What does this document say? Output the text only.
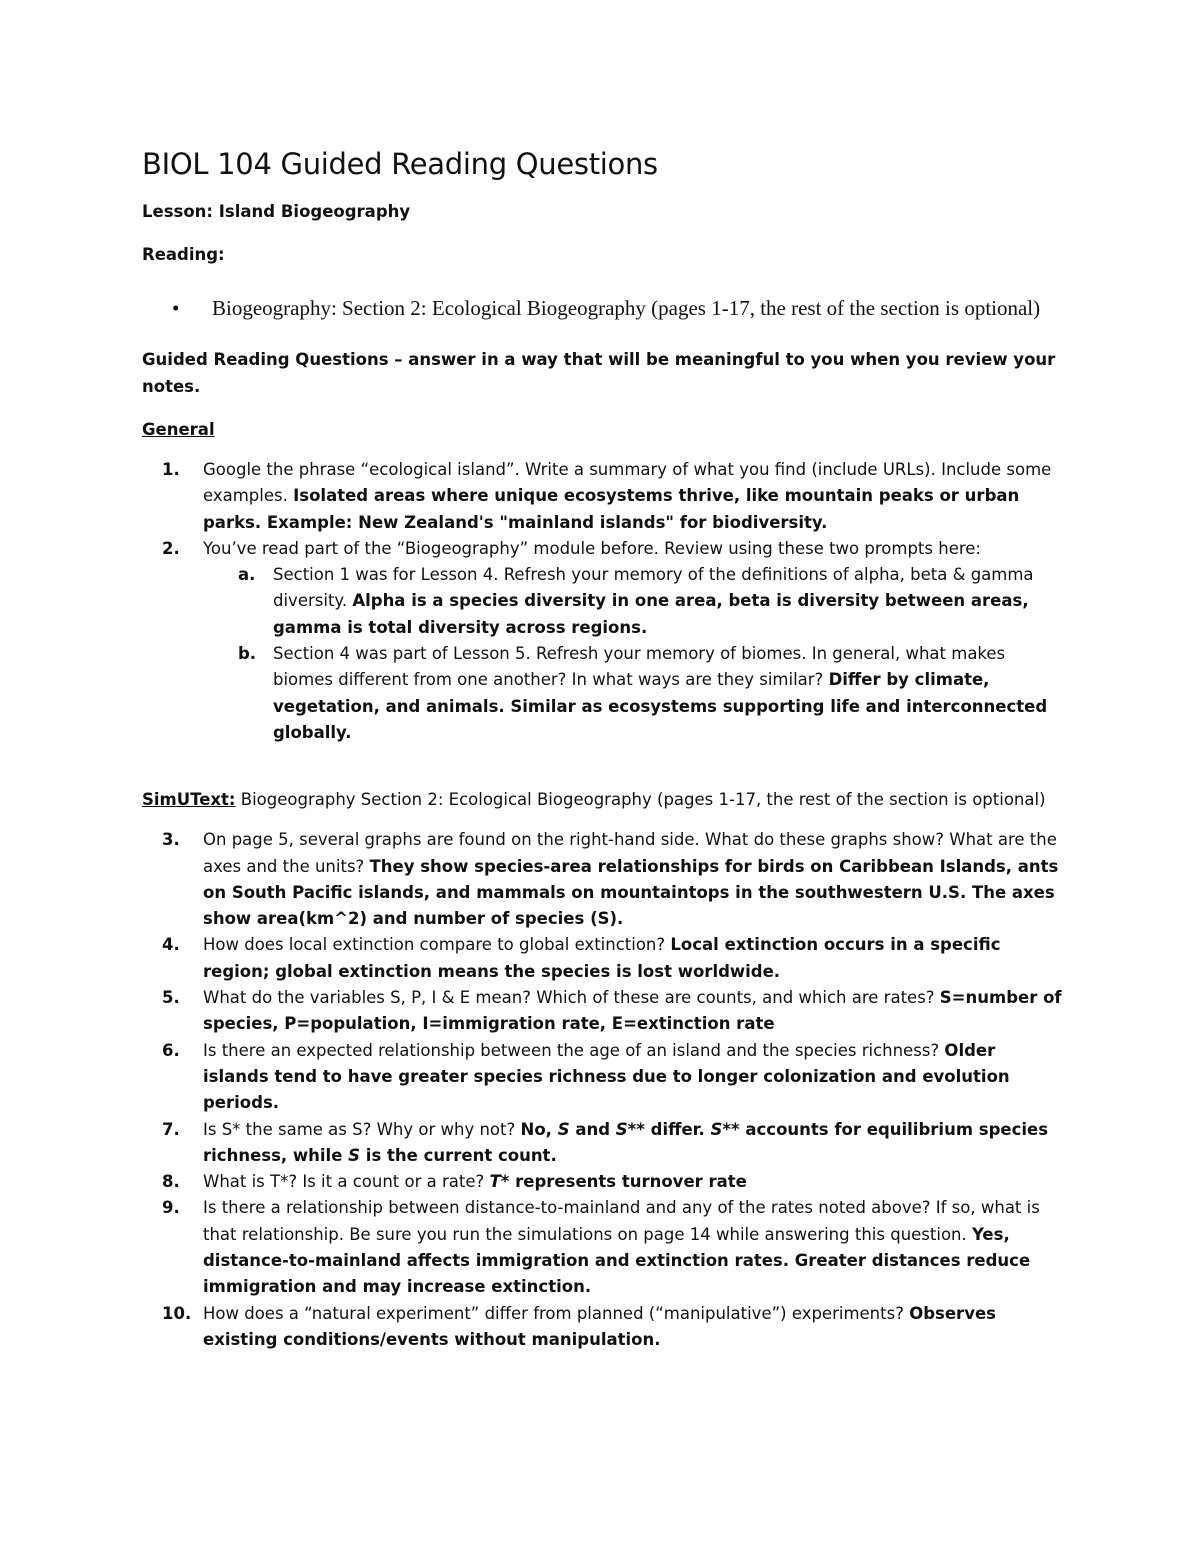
BIOL 104 Guided Reading Questions

Lesson: Island Biogeography

Reading:

• Biogeography: Section 2: Ecological Biogeography (pages 1-17, the rest of the section is optional)

Guided Reading Questions – answer in a way that will be meaningful to you when you review your notes.

General

1.	Google the phrase “ecological island”. Write a summary of what you find (include URLs). Include some examples. Isolated areas where unique ecosystems thrive, like mountain peaks or urban parks. Example: New Zealand's "mainland islands" for biodiversity.
2.	You’ve read part of the “Biogeography” module before. Review using these two prompts here:
a. Section 1 was for Lesson 4. Refresh your memory of the definitions of alpha, beta & gamma diversity. Alpha is a species diversity in one area, beta is diversity between areas, gamma is total diversity across regions.
b. Section 4 was part of Lesson 5. Refresh your memory of biomes. In general, what makes biomes different from one another? In what ways are they similar? Differ by climate, vegetation, and animals. Similar as ecosystems supporting life and interconnected globally.

SimUText: Biogeography Section 2: Ecological Biogeography (pages 1-17, the rest of the section is optional)

3.	On page 5, several graphs are found on the right-hand side. What do these graphs show? What are the axes and the units? They show species-area relationships for birds on Caribbean Islands, ants on South Pacific islands, and mammals on mountaintops in the southwestern U.S. The axes show area(km^2) and number of species (S).
4.	How does local extinction compare to global extinction? Local extinction occurs in a specific region; global extinction means the species is lost worldwide.
5.	What do the variables S, P, I & E mean? Which of these are counts, and which are rates? S=number of species, P=population, I=immigration rate, E=extinction rate
6.	Is there an expected relationship between the age of an island and the species richness? Older islands tend to have greater species richness due to longer colonization and evolution periods.
7.	Is S* the same as S? Why or why not? No, S and S** differ. S** accounts for equilibrium species richness, while S is the current count.
8.	What is T*? Is it a count or a rate? T* represents turnover rate
9.	Is there a relationship between distance-to-mainland and any of the rates noted above? If so, what is that relationship. Be sure you run the simulations on page 14 while answering this question. Yes, distance-to-mainland affects immigration and extinction rates. Greater distances reduce immigration and may increase extinction.
10. How does a “natural experiment” differ from planned (“manipulative”) experiments? Observes existing conditions/events without manipulation.
